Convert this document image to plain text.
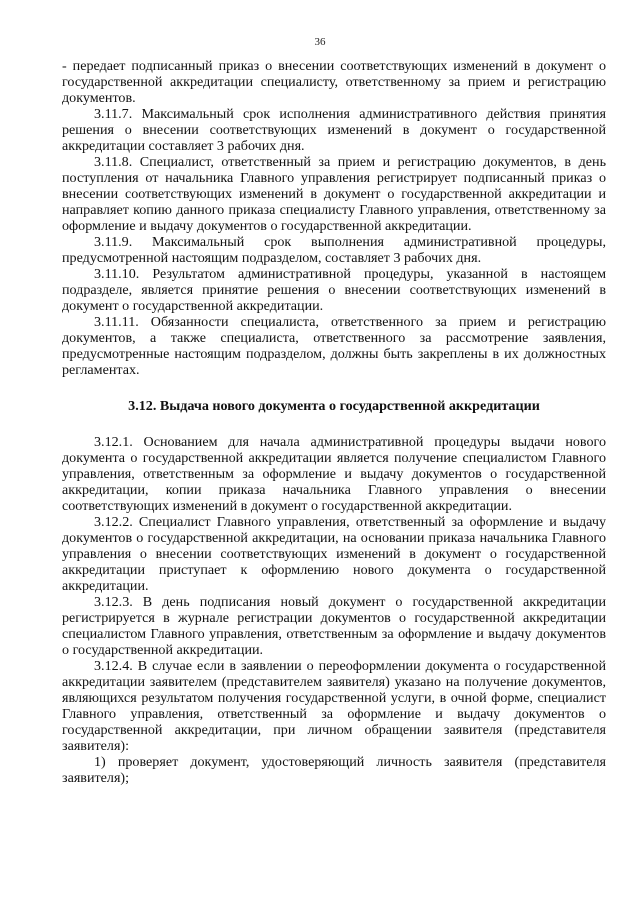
36

- передает подписанный приказ о внесении соответствующих изменений в документ о государственной аккредитации специалисту, ответственному за прием и регистрацию документов.

3.11.7. Максимальный срок исполнения административного действия принятия решения о внесении соответствующих изменений в документ о государственной аккредитации составляет 3 рабочих дня.

3.11.8. Специалист, ответственный за прием и регистрацию документов, в день поступления от начальника Главного управления регистрирует подписанный приказ о внесении соответствующих изменений в документ о государственной аккредитации и направляет копию данного приказа специалисту Главного управления, ответственному за оформление и выдачу документов о государственной аккредитации.

3.11.9. Максимальный срок выполнения административной процедуры, предусмотренной настоящим подразделом, составляет 3 рабочих дня.

3.11.10. Результатом административной процедуры, указанной в настоящем подразделе, является принятие решения о внесении соответствующих изменений в документ о государственной аккредитации.

3.11.11. Обязанности специалиста, ответственного за прием и регистрацию документов, а также специалиста, ответственного за рассмотрение заявления, предусмотренные настоящим подразделом, должны быть закреплены в их должностных регламентах.

3.12. Выдача нового документа о государственной аккредитации

3.12.1. Основанием для начала административной процедуры выдачи нового документа о государственной аккредитации является получение специалистом Главного управления, ответственным за оформление и выдачу документов о государственной аккредитации, копии приказа начальника Главного управления о внесении соответствующих изменений в документ о государственной аккредитации.

3.12.2. Специалист Главного управления, ответственный за оформление и выдачу документов о государственной аккредитации, на основании приказа начальника Главного управления о внесении соответствующих изменений в документ о государственной аккредитации приступает к оформлению нового документа о государственной аккредитации.

3.12.3. В день подписания новый документ о государственной аккредитации регистрируется в журнале регистрации документов о государственной аккредитации специалистом Главного управления, ответственным за оформление и выдачу документов о государственной аккредитации.

3.12.4. В случае если в заявлении о переоформлении документа о государственной аккредитации заявителем (представителем заявителя) указано на получение документов, являющихся результатом получения государственной услуги, в очной форме, специалист Главного управления, ответственный за оформление и выдачу документов о государственной аккредитации, при личном обращении заявителя (представителя заявителя):

1) проверяет документ, удостоверяющий личность заявителя (представителя заявителя);
